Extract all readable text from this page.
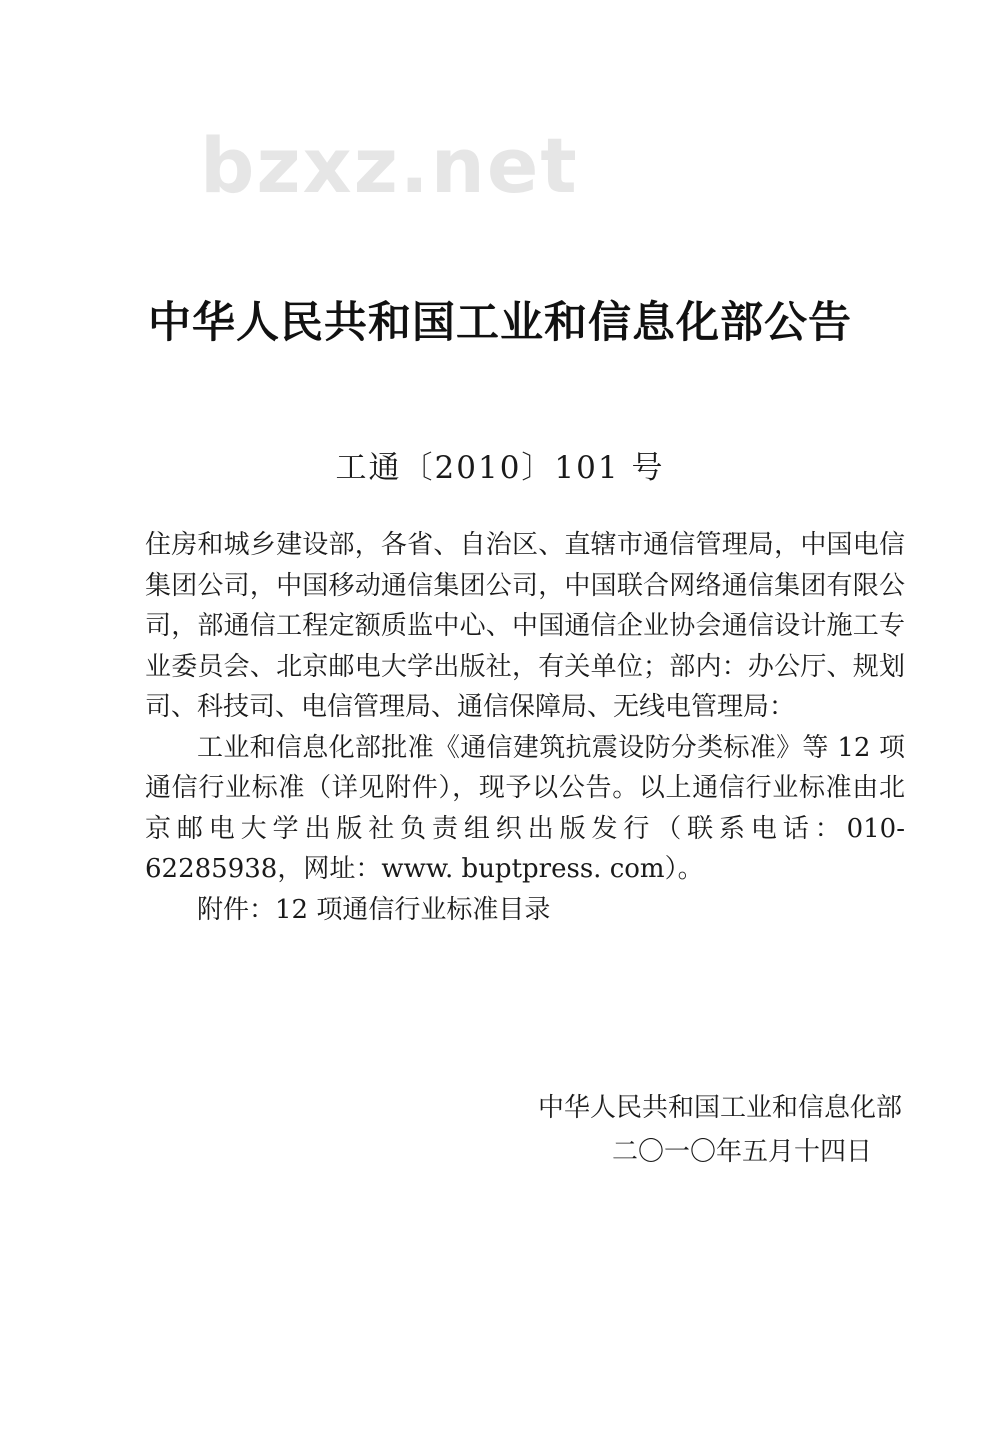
bzxz.net
中华人民共和国工业和信息化部公告
工通〔2010〕101 号

住房和城乡建设部，各省、自治区、直辖市通信管理局，中国电信集团公司，中国移动通信集团公司，中国联合网络通信集团有限公司，部通信工程定额质监中心、中国通信企业协会通信设计施工专业委员会、北京邮电大学出版社，有关单位；部内：办公厅、规划司、科技司、电信管理局、通信保障局、无线电管理局：

工业和信息化部批准《通信建筑抗震设防分类标准》等 12 项通信行业标准（详见附件），现予以公告。以上通信行业标准由北京邮电大学出版社负责组织出版发行（联系电话：010-62285938，网址：www. buptpress. com）。

附件：12 项通信行业标准目录

中华人民共和国工业和信息化部
二〇一〇年五月十四日
